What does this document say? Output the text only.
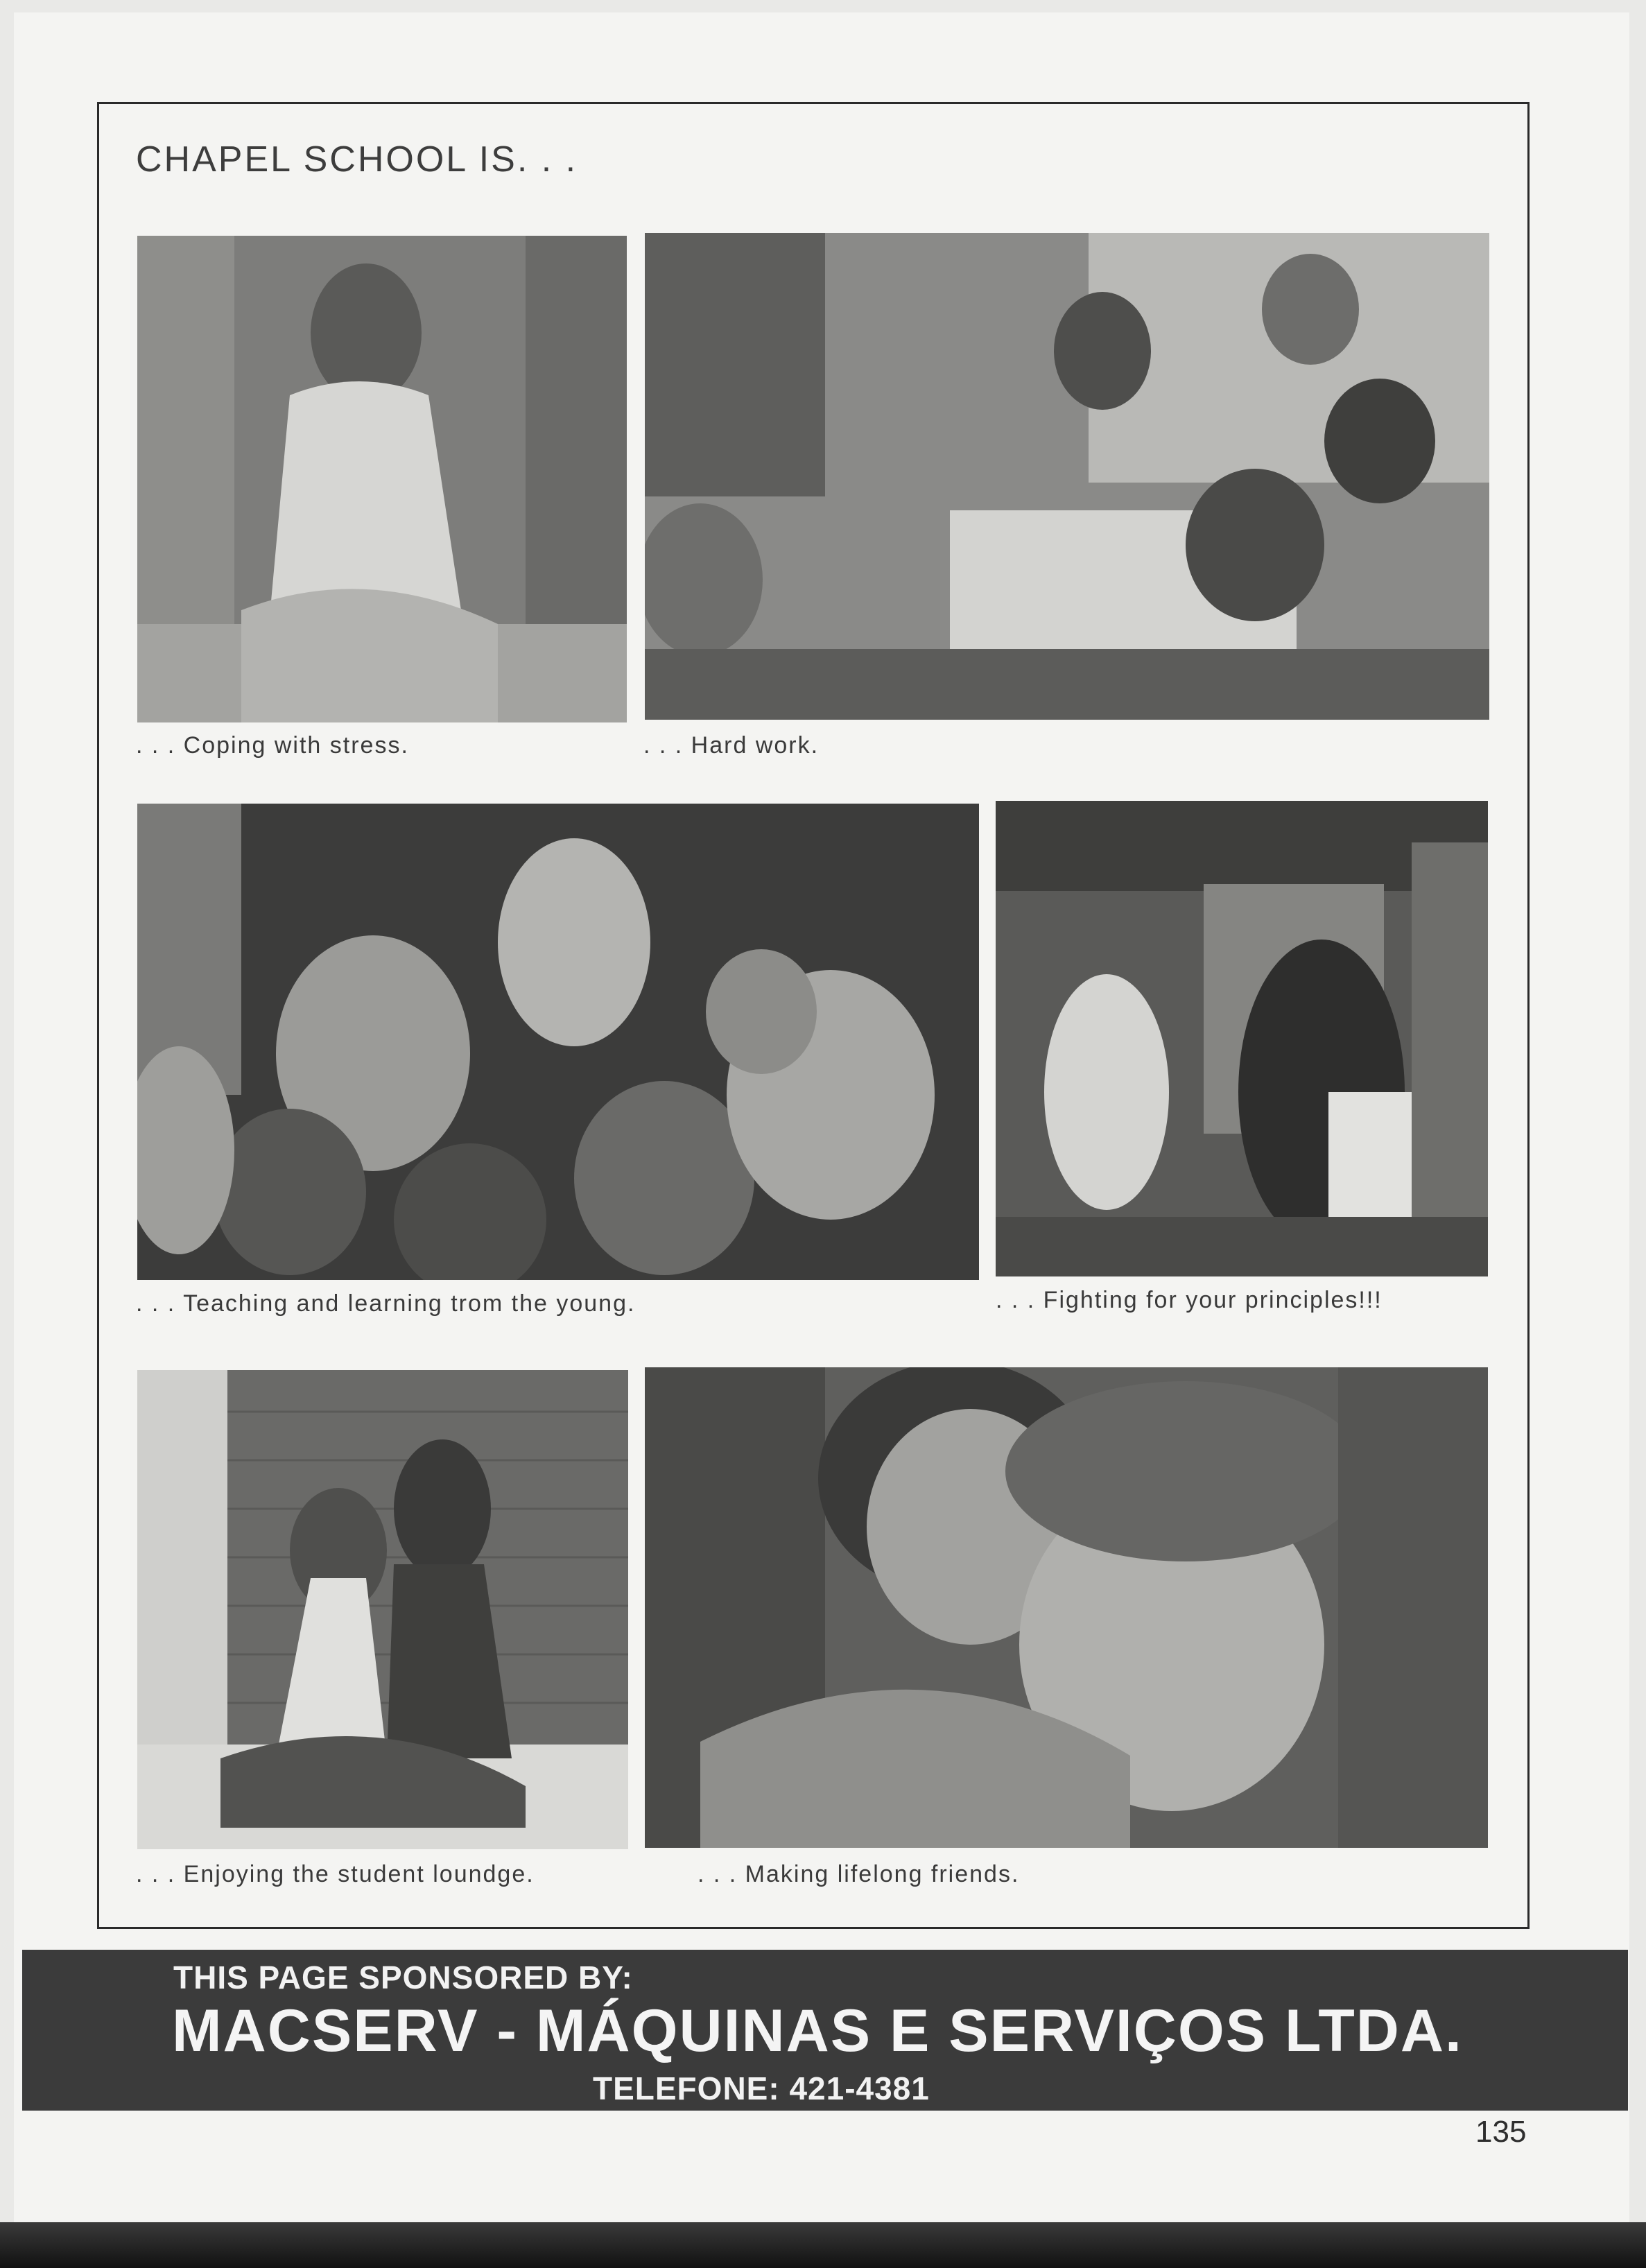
CHAPEL SCHOOL IS. . .
. . . Coping with stress.	. . . Hard work.
. . . Teaching and learning trom the young.	. . . Fighting for your principles!!!
. . . Enjoying the student loundge.	. . . Making lifelong friends.
THIS PAGE SPONSORED BY:
MACSERV - MÁQUINAS E SERVIÇOS LTDA.
TELEFONE: 421-4381
135
